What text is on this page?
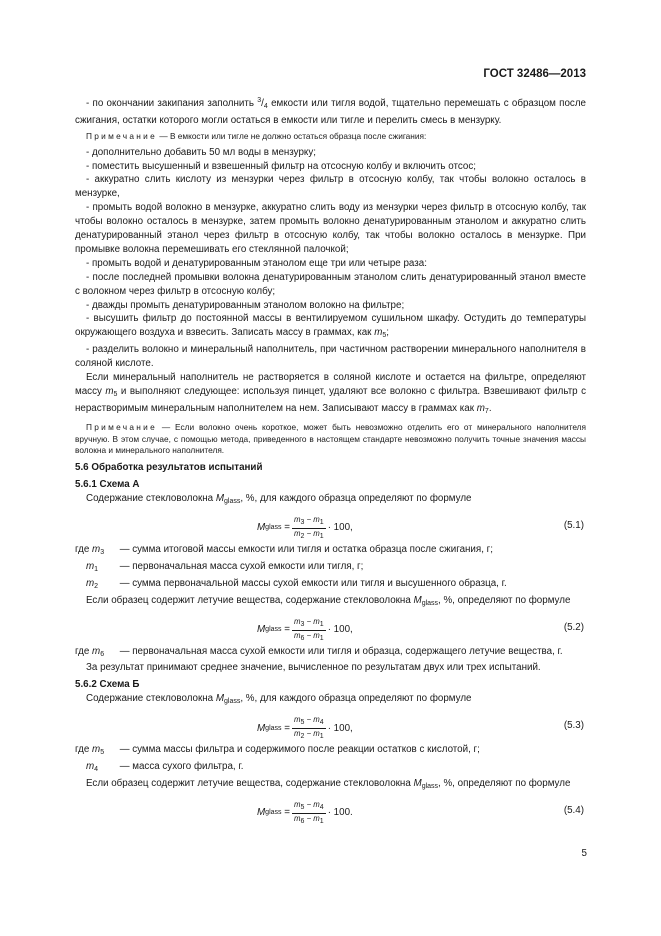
ГОСТ 32486—2013

- по окончании закипания заполнить $^3/_4$ емкости или тигля водой, тщательно перемешать с образцом после сжигания, остатки которого могли остаться в емкости или тигле и перелить смесь в мензурку.

Примечание — В емкости или тигле не должно остаться образца после сжигания:

- дополнительно добавить 50 мл воды в мензурку;

- поместить высушенный и взвешенный фильтр на отсосную колбу и включить отсос;

- аккуратно слить кислоту из мензурки через фильтр в отсосную колбу, так чтобы волокно осталось в мензурке,

- промыть водой волокно в мензурке, аккуратно слить воду из мензурки через фильтр в отсосную колбу, так чтобы волокно осталось в мензурке, затем промыть волокно денатурированным этанолом и аккуратно слить денатурированный этанол через фильтр в отсосную колбу, так чтобы волокно осталось в мензурке. При промывке волокна перемешивать его стеклянной палочкой;

- промыть водой и денатурированным этанолом еще три или четыре раза:

- после последней промывки волокна денатурированным этанолом слить денатурированный этанол вместе с волокном через фильтр в отсосную колбу;

- дважды промыть денатурированным этанолом волокно на фильтре;

- высушить фильтр до постоянной массы в вентилируемом сушильном шкафу. Остудить до температуры окружающего воздуха и взвесить. Записать массу в граммах, как $m_5$;

- разделить волокно и минеральный наполнитель, при частичном растворении минерального наполнителя в соляной кислоте.

Если минеральный наполнитель не растворяется в соляной кислоте и остается на фильтре, определяют массу $m_5$ и выполняют следующее: используя пинцет, удаляют все волокно с фильтра. Взвешивают фильтр с нерастворимым минеральным наполнителем на нем. Записывают массу в граммах как $m_7$.

Примечание — Если волокно очень короткое, может быть невозможно отделить его от минерального наполнителя вручную. В этом случае, с помощью метода, приведенного в настоящем стандарте невозможно получить точные значения массы волокна и минерального наполнителя.

5.6 Обработка результатов испытаний

5.6.1 Схема А

Содержание стекловолокна $M_{glass}$, %, для каждого образца определяют по формуле

M glass
= $\frac{m3 - m1}{m2 - m1} \cdot 100$,	(5.1)

где $m_3$ — сумма итоговой массы емкости или тигля и остатка образца после сжигания, г;

$m_1$ — первоначальная масса сухой емкости или тигля, г;

$m_2$ — сумма первоначальной массы сухой емкости или тигля и высушенного образца, г.

Если образец содержит летучие вещества, содержание стекловолокна $M_{glass}$, %, определяют по формуле

M glass
= $\frac{m3 - m1}{m6 - m1} \cdot 100$,	(5.2)

где $m_6$ — первоначальная масса сухой емкости или тигля и образца, содержащего летучие вещества, г.

За результат принимают среднее значение, вычисленное по результатам двух или трех испытаний.

5.6.2 Схема Б

Содержание стекловолокна $M_{glass}$, %, для каждого образца определяют по формуле

M glass
= $\frac{m5 - m4}{m2 - m1} \cdot 100$,	(5.3)

где $m_5$ — сумма массы фильтра и содержимого после реакции остатков с кислотой, г;

$m_4$ — масса сухого фильтра, г.

Если образец содержит летучие вещества, содержание стекловолокна $M_{glass}$, %, определяют по формуле

M glass
= $\frac{m5 - m4}{m6 - m1} \cdot 100$.	(5.4)
5
